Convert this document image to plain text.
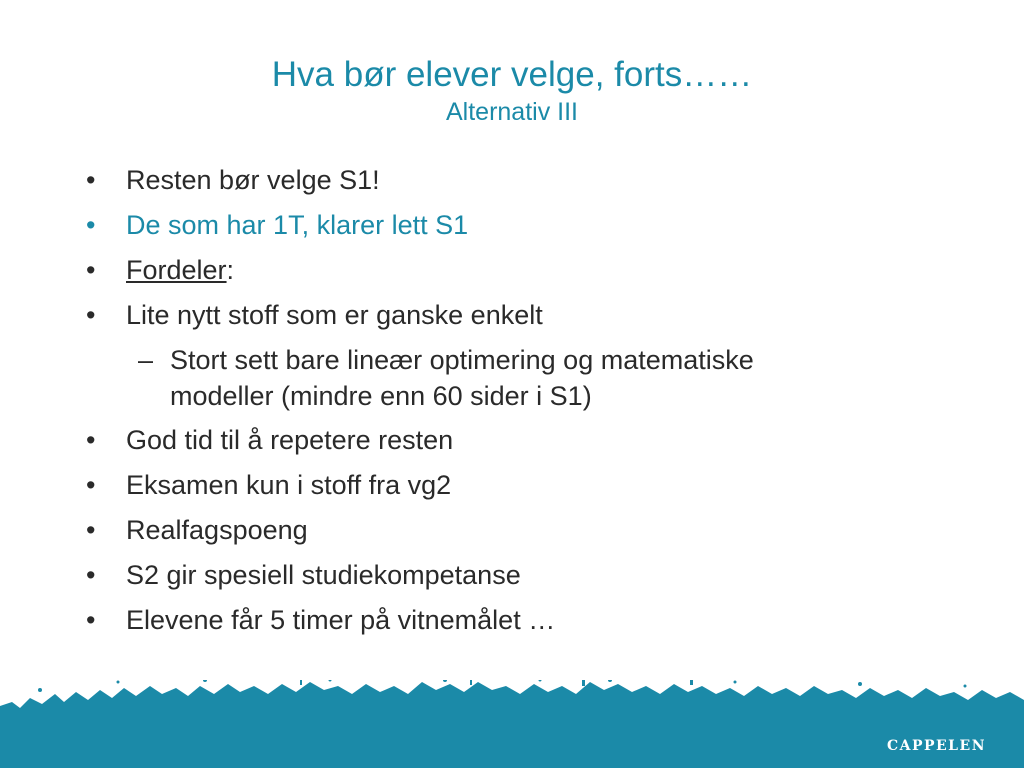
Hva bør elever velge, forts……
Alternativ III
• Resten bør velge S1!
• De som har 1T, klarer lett S1
• Fordeler:
• Lite nytt stoff som er ganske enkelt
– Stort sett bare lineær optimering og matematiske
modeller (mindre enn 60 sider i S1)
• God tid til å repetere resten
• Eksamen kun i stoff fra vg2
• Realfagspoeng
• S2 gir spesiell studiekompetanse
• Elevene får 5 timer på vitnemålet …
CAPPELEN
